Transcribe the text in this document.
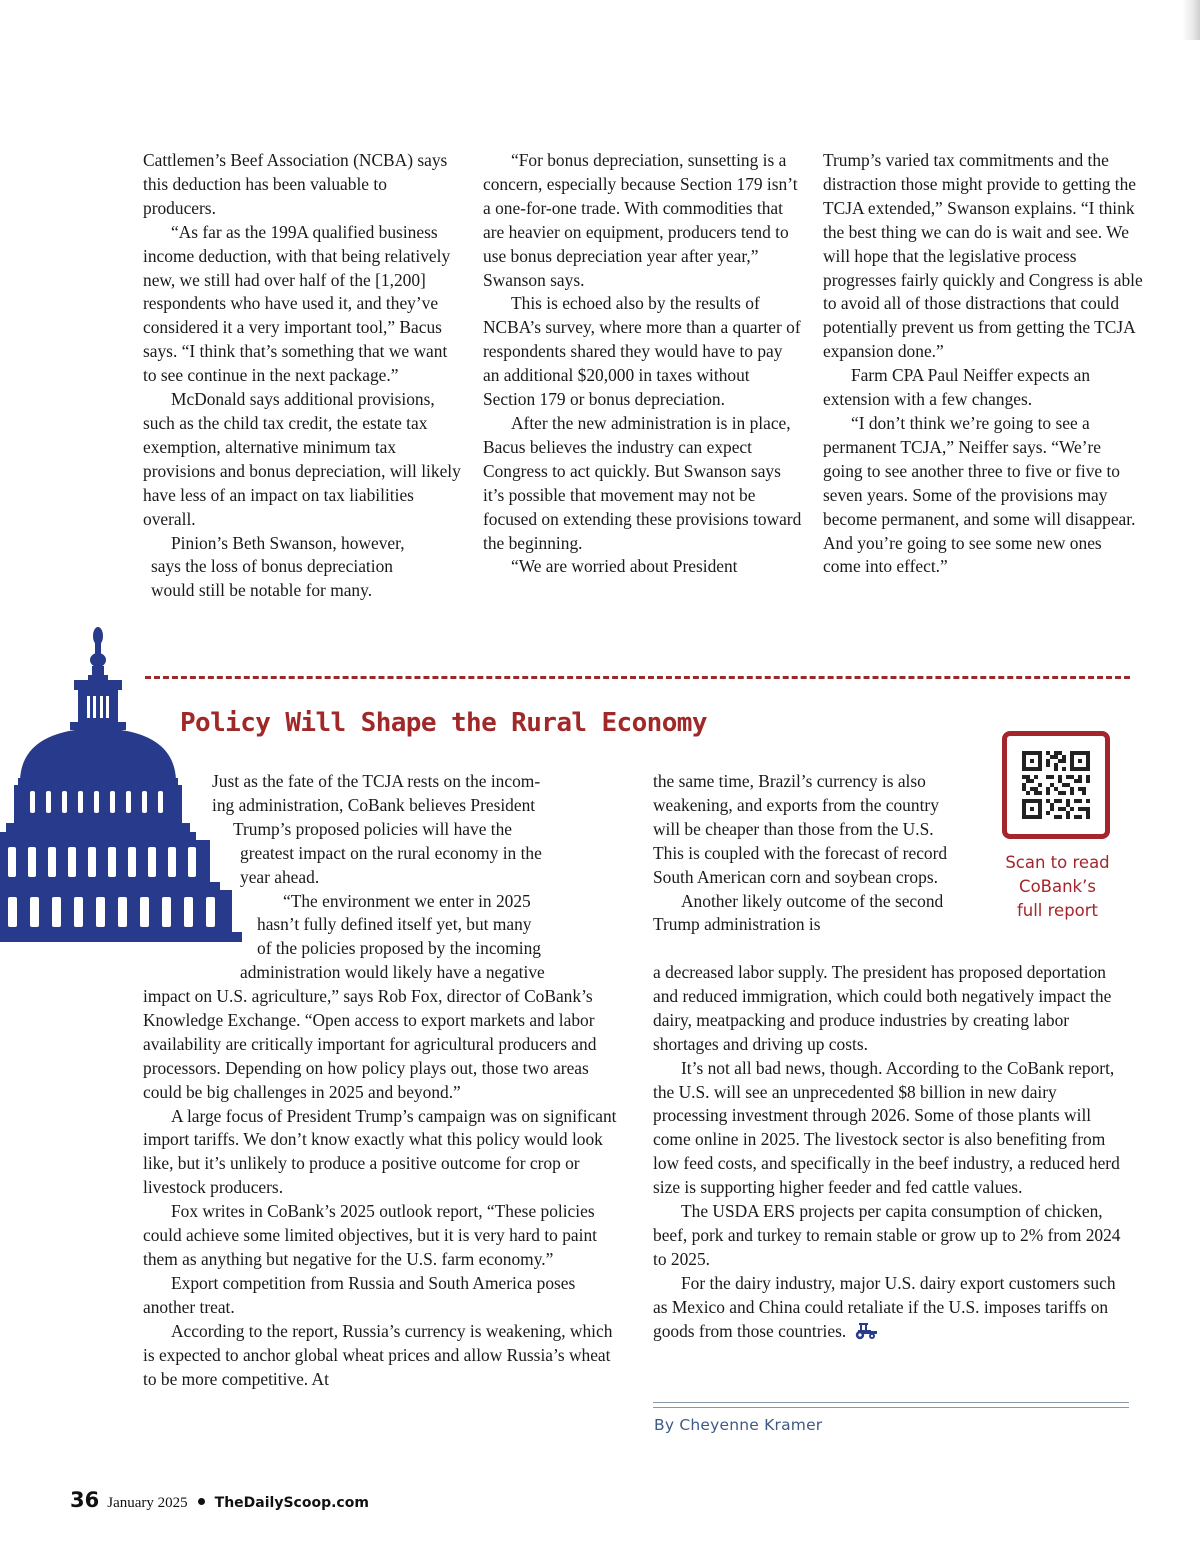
Cattlemen’s Beef Association (NCBA) says this deduction has been valuable to producers.

“As far as the 199A qualified business income deduction, with that being relatively new, we still had over half of the [1,200] respondents who have used it, and they’ve considered it a very important tool,” Bacus says. “I think that’s something that we want to see continue in the next package.”

McDonald says additional provisions, such as the child tax credit, the estate tax exemption, alternative minimum tax provisions and bonus depreciation, will likely have less of an impact on tax liabilities overall.

Pinion’s Beth Swanson, however,
says the loss of bonus depreciation
would still be notable for many.

“For bonus depreciation, sunsetting is a concern, especially because Section 179 isn’t a one-for-one trade. With commodities that are heavier on equipment, producers tend to use bonus depreciation year after year,” Swanson says.

This is echoed also by the results of NCBA’s survey, where more than a quarter of respondents shared they would have to pay an additional $20,000 in taxes without Section 179 or bonus depreciation.

After the new administration is in place, Bacus believes the industry can expect Congress to act quickly. But Swanson says it’s possible that movement may not be focused on extending these provisions toward the beginning.

“We are worried about President

Trump’s varied tax commitments and the distraction those might provide to getting the TCJA extended,” Swanson explains. “I think the best thing we can do is wait and see. We will hope that the legislative process progresses fairly quickly and Congress is able to avoid all of those distractions that could potentially prevent us from getting the TCJA expansion done.”

Farm CPA Paul Neiffer expects an extension with a few changes.

“I don’t think we’re going to see a permanent TCJA,” Neiffer says. “We’re going to see another three to five or five to seven years. Some of the provisions may become permanent, and some will disappear. And you’re going to see some new ones come into effect.”

Policy Will Shape the Rural Economy
Just as the fate of the TCJA rests on the incom-
ing administration, CoBank believes President
Trump’s proposed policies will have the
greatest impact on the rural economy in the
year ahead.
“The environment we enter in 2025
hasn’t fully defined itself yet, but many
of the policies proposed by the incoming
administration would likely have a negative

impact on U.S. agriculture,” says Rob Fox, director of CoBank’s Knowledge Exchange. “Open access to export markets and labor availability are critically important for agricultural producers and processors. Depending on how policy plays out, those two areas could be big challenges in 2025 and beyond.”

A large focus of President Trump’s campaign was on significant import tariffs. We don’t know exactly what this policy would look like, but it’s unlikely to produce a positive outcome for crop or livestock producers.

Fox writes in CoBank’s 2025 outlook report, “These policies could achieve some limited objectives, but it is very hard to paint them as anything but negative for the U.S. farm economy.”

Export competition from Russia and South America poses another treat.

According to the report, Russia’s currency is weakening, which is expected to anchor global wheat prices and allow Russia’s wheat to be more competitive. At

the same time, Brazil’s currency is also weakening, and exports from the country will be cheaper than those from the U.S. This is coupled with the forecast of record South American corn and soybean crops.

Another likely outcome of the second Trump administration is

a decreased labor supply. The president has proposed deportation and reduced immigration, which could both negatively impact the dairy, meatpacking and produce industries by creating labor shortages and driving up costs.

It’s not all bad news, though. According to the CoBank report, the U.S. will see an unprecedented $8 billion in new dairy processing investment through 2026. Some of those plants will come online in 2025. The livestock sector is also benefiting from low feed costs, and specifically in the beef industry, a reduced herd size is supporting higher feeder and fed cattle values.

The USDA ERS projects per capita consumption of chicken, beef, pork and turkey to remain stable or grow up to 2% from 2024 to 2025.

For the dairy industry, major U.S. dairy export customers such as Mexico and China could retaliate if the U.S. imposes tariffs on goods from those countries.

By Cheyenne Kramer

Scan to read
CoBank’s
full report

36 January 2025 TheDailyScoop.com
